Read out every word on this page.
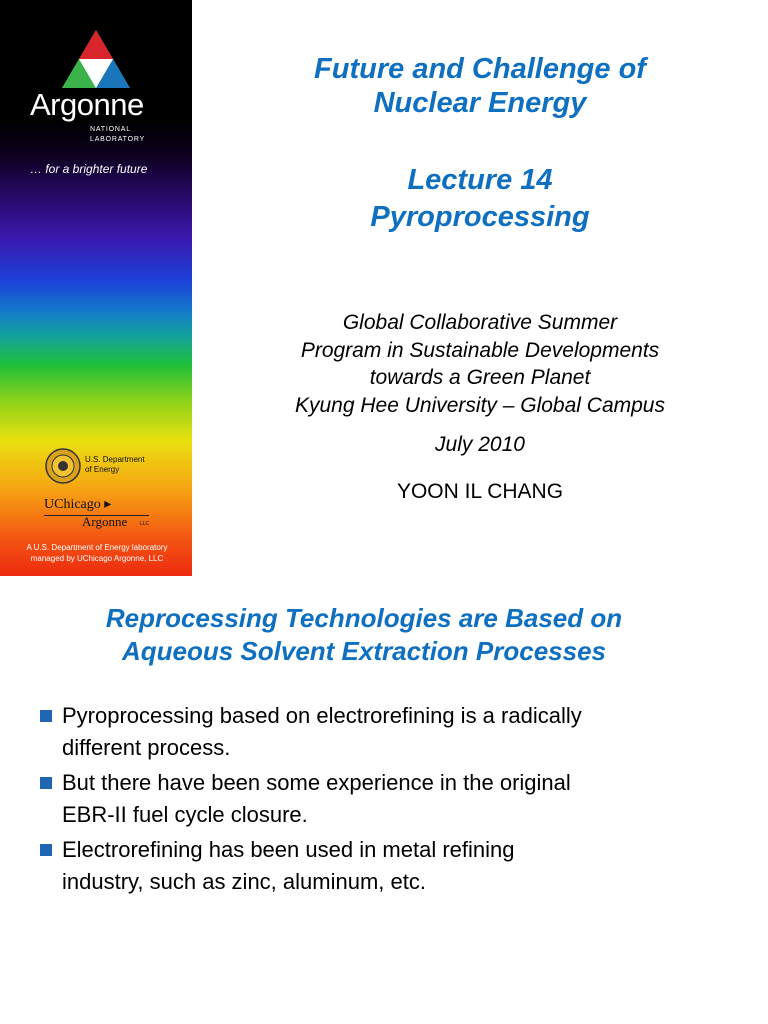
Argonne
NATIONAL
LABORATORY
… for a brighter future
U.S. Department
of Energy
UChicago ▸
Argonne	LLC
A U.S. Department of Energy laboratory
managed by UChicago Argonne, LLC
Future and Challenge of
Nuclear Energy
Lecture 14
Pyroprocessing
Global Collaborative Summer
Program in Sustainable Developments
towards a Green Planet
Kyung Hee University – Global Campus
July 2010
YOON IL CHANG
Reprocessing Technologies are Based on
Aqueous Solvent Extraction Processes
Pyroprocessing based on electrorefining is a radically
different process.
But there have been some experience in the original
EBR-II fuel cycle closure.
Electrorefining has been used in metal refining
industry, such as zinc, aluminum, etc.
